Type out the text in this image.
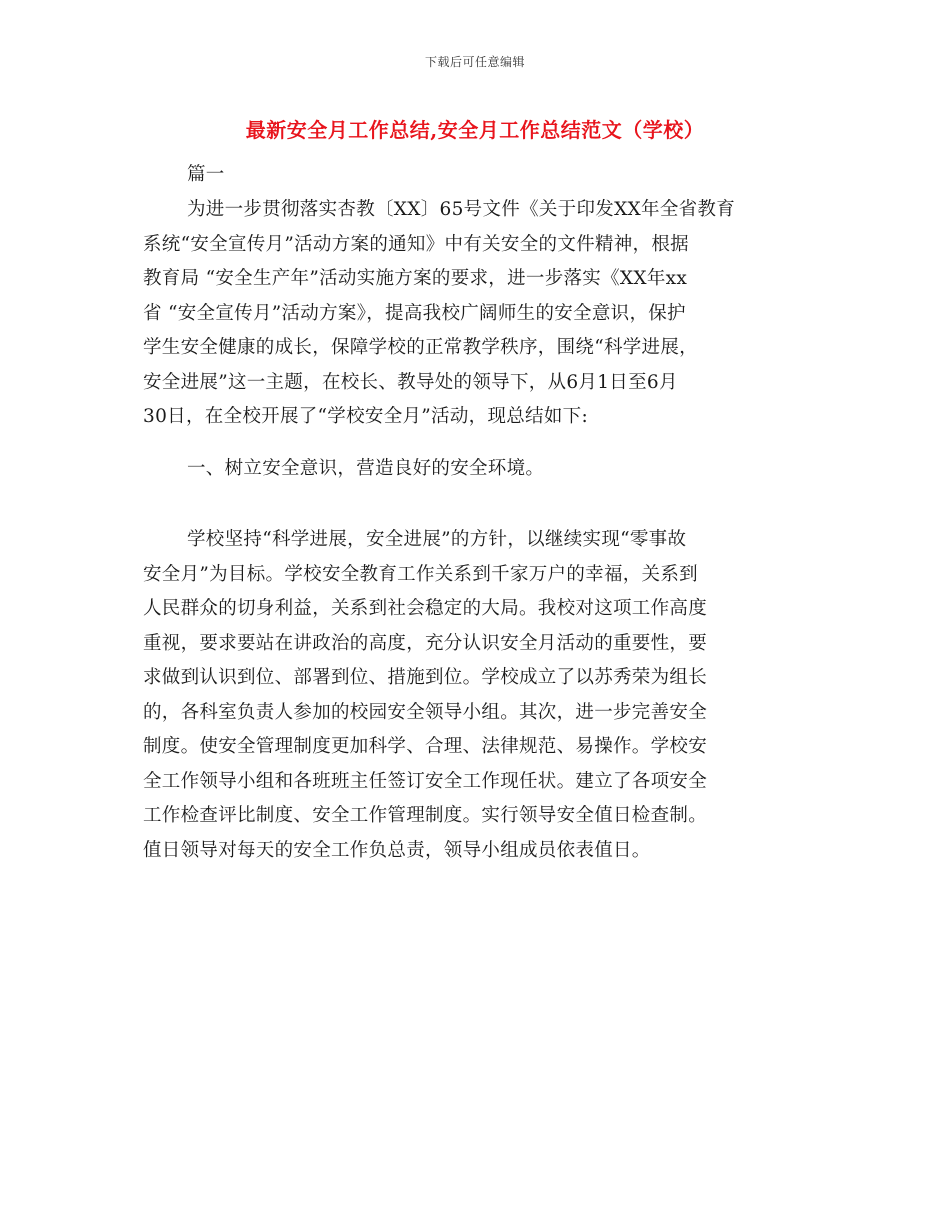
下载后可任意编辑
最新安全月工作总结,安全月工作总结范文（学校）
篇一
为进一步贯彻落实杏教〔XX〕65号文件《关于印发XX年全省教育
系统“安全宣传月”活动方案的通知》中有关安全的文件精神，根据
教育局 “安全生产年”活动实施方案的要求，进一步落实《XX年xx
省 “安全宣传月”活动方案》，提高我校广阔师生的安全意识，保护
学生安全健康的成长，保障学校的正常教学秩序，围绕“科学进展，
安全进展”这一主题，在校长、教导处的领导下，从6月1日至6月
30日，在全校开展了“学校安全月”活动，现总结如下:
一、树立安全意识，营造良好的安全环境。
学校坚持“科学进展，安全进展”的方针，以继续实现“零事故
安全月”为目标。学校安全教育工作关系到千家万户的幸福，关系到
人民群众的切身利益，关系到社会稳定的大局。我校对这项工作高度
重视，要求要站在讲政治的高度，充分认识安全月活动的重要性，要
求做到认识到位、部署到位、措施到位。学校成立了以苏秀荣为组长
的，各科室负责人参加的校园安全领导小组。其次，进一步完善安全
制度。使安全管理制度更加科学、合理、法律规范、易操作。学校安
全工作领导小组和各班班主任签订安全工作现任状。建立了各项安全
工作检查评比制度、安全工作管理制度。实行领导安全值日检查制。
值日领导对每天的安全工作负总责，领导小组成员依表值日。
